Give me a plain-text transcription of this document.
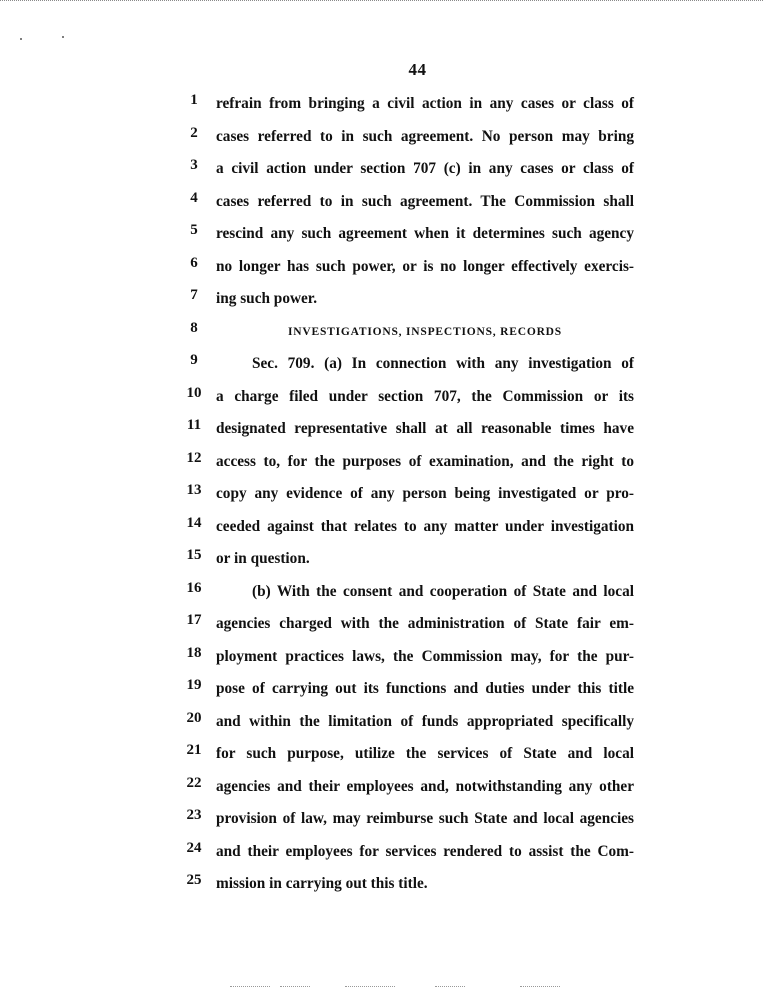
44
1	refrain from bringing a civil action in any cases or class of
2	cases referred to in such agreement. No person may bring
3	a civil action under section 707 (c) in any cases or class of
4	cases referred to in such agreement. The Commission shall
5	rescind any such agreement when it determines such agency
6	no longer has such power, or is no longer effectively exercis-
7	ing such power.
8	INVESTIGATIONS, INSPECTIONS, RECORDS
9	Sec. 709. (a) In connection with any investigation of
10 a charge filed under section 707, the Commission or its
11 designated representative shall at all reasonable times have
12 access to, for the purposes of examination, and the right to
13 copy any evidence of any person being investigated or pro-
14 ceeded against that relates to any matter under investigation
15 or in question.
16	(b) With the consent and cooperation of State and local
17 agencies charged with the administration of State fair em-
18 ployment practices laws, the Commission may, for the pur-
19 pose of carrying out its functions and duties under this title
20 and within the limitation of funds appropriated specifically
21 for such purpose, utilize the services of State and local
22 agencies and their employees and, notwithstanding any other
23 provision of law, may reimburse such State and local agencies
24 and their employees for services rendered to assist the Com-
25 mission in carrying out this title.
